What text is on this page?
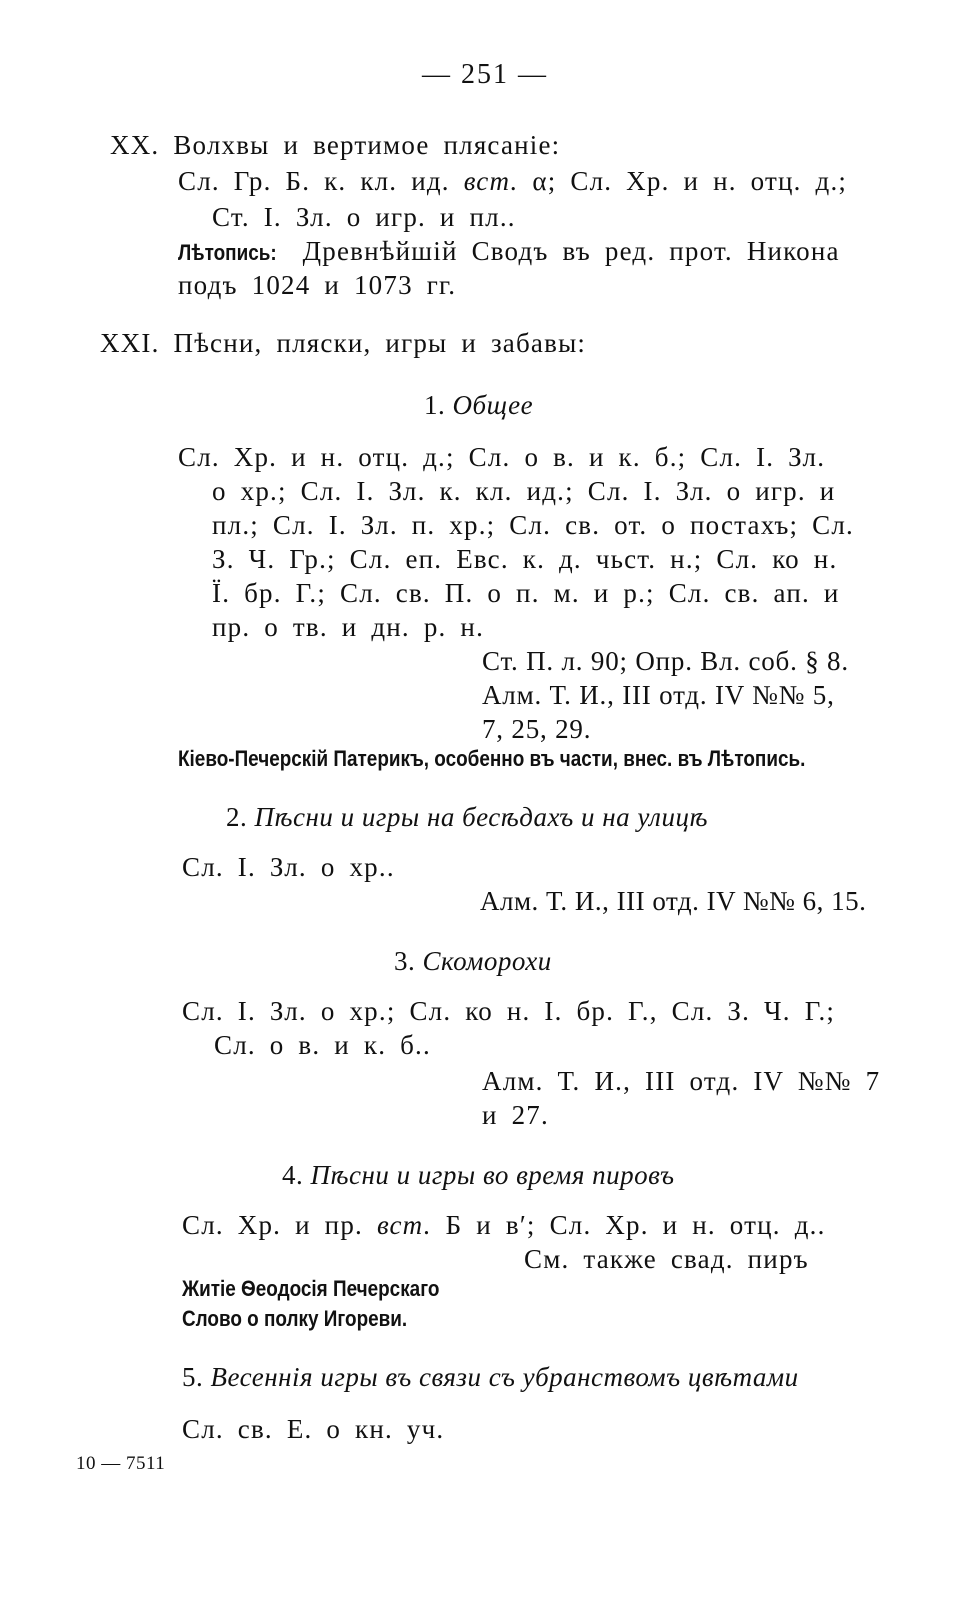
— 251 —
XX. Волхвы и вертимое плясаніе:
Сл. Гр. Б. к. кл. ид. вст. α; Сл. Хр. и н. отц. д.;
Ст. І. Зл. о игр. и пл..
Лѣтопись: Древнѣйшій Сводъ въ ред. прот. Никона
подъ 1024 и 1073 гг.
XXI. Пѣсни, пляски, игры и забавы:
1. Общее
Сл. Хр. и н. отц. д.; Сл. о в. и к. б.; Сл. І. Зл.
о хр.; Сл. І. Зл. к. кл. ид.; Сл. І. Зл. о игр. и
пл.; Сл. І. Зл. п. хр.; Сл. св. от. о постахъ; Сл.
З. Ч. Гр.; Сл. еп. Евс. к. д. чьст. н.; Сл. ко н.
Ї. бр. Г.; Сл. св. П. о п. м. и р.; Сл. св. ап. и
пр. о тв. и дн. р. н.
Ст. П. л. 90; Опр. Вл. соб. § 8.
Алм. Т. И., III отд. IV №№ 5,
7, 25, 29.
Кіево-Печерскій Патерикъ, особенно въ части, внес. въ Лѣтопись.
2. Пѣсни и игры на бесѣдахъ и на улицѣ
Сл. І. Зл. о хр..
Алм. Т. И., III отд. IV №№ 6, 15.
3. Скоморохи
Сл. І. Зл. о хр.; Сл. ко н. І. бр. Г., Сл. З. Ч. Г.;
Сл. о в. и к. б..
Алм. Т. И., III отд. IV №№ 7
и 27.
4. Пѣсни и игры во время пировъ
Сл. Хр. и пр. вст. Б и в′; Сл. Хр. и н. отц. д..
См. также свад. пиръ
Житіе Ѳеодосія Печерскаго
Слово о полку Игореви.
5. Весеннія игры въ связи съ убранствомъ цвѣтами
Сл. св. Е. о кн. уч.
10 — 7511
